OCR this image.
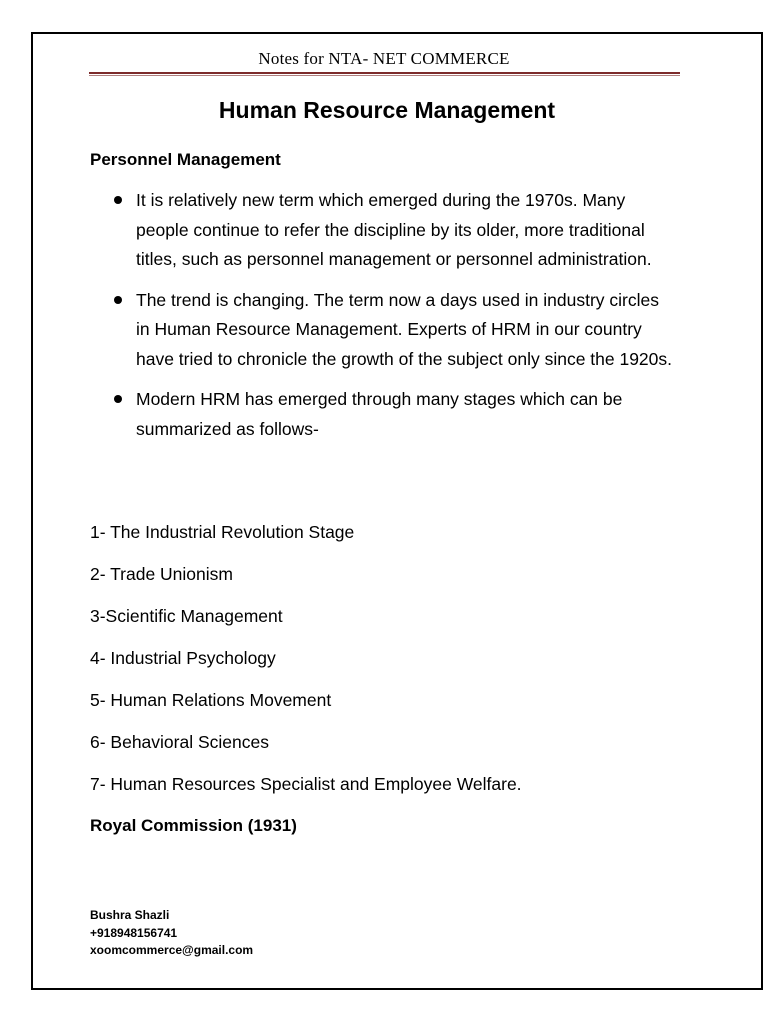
Notes for NTA- NET COMMERCE
Human Resource Management
Personnel Management
It is relatively new term which emerged during the 1970s. Many people continue to refer the discipline by its older, more traditional titles, such as personnel management or personnel administration.
The trend is changing. The term now a days used in industry circles in Human Resource Management. Experts of HRM in our country have tried to chronicle the growth of the subject only since the 1920s.
Modern HRM has emerged through many stages which can be summarized as follows-
1- The Industrial Revolution Stage
2- Trade Unionism
3-Scientific Management
4- Industrial Psychology
5- Human Relations Movement
6- Behavioral Sciences
7- Human Resources Specialist and Employee Welfare.
Royal Commission (1931)
Bushra Shazli
+918948156741
xoomcommerce@gmail.com
